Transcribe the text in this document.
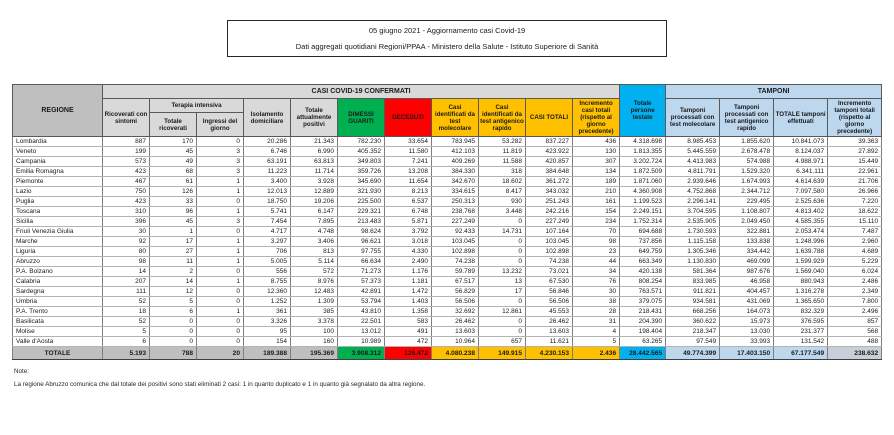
05 giugno 2021 - Aggiornamento casi Covid-19
Dati aggregati quotidiani Regioni/PPAA - Ministero della Salute - Istituto Superiore di Sanità
REGIONE	CASI COVID-19 CONFERMATI											Totale persone testate	TAMPONI			
	Ricoverati con sintomi	Terapia intensiva		Isolamento domiciliare	Totale attualmente positivi	DIMESSI GUARITI	DECEDUTI	Casi identificati da test molecolare	Casi identificati da test antigenico rapido	CASI TOTALI	Incremento casi totali (rispetto al giorno precedente)		Tamponi processati con test molecolare	Tamponi processati con test antigenico rapido	TOTALE tamponi effettuati	Incremento tamponi totali (rispetto al giorno precedente)
		Totale ricoverati	Ingressi del giorno													
Lombardia	887	170	0	20.286	21.343	782.230	33.654	783.945	53.282	837.227	436	4.318.698	8.985.453	1.855.620	10.841.073	39.363
Veneto	199	45	3	6.746	6.990	405.352	11.580	412.103	11.819	423.922	130	1.813.355	5.445.559	2.678.478	8.124.037	27.892
Campania	573	49	3	63.191	63.813	349.803	7.241	409.269	11.588	420.857	307	3.202.724	4.413.983	574.988	4.988.971	15.449
Emilia Romagna	423	68	3	11.223	11.714	359.726	13.208	384.330	318	384.648	134	1.872.509	4.811.791	1.529.320	6.341.111	22.961
Piemonte	467	61	1	3.400	3.928	345.690	11.654	342.670	18.602	361.272	189	1.871.060	2.939.646	1.674.993	4.614.639	21.706
Lazio	750	126	1	12.013	12.889	321.930	8.213	334.615	8.417	343.032	210	4.360.908	4.752.868	2.344.712	7.097.580	26.966
Puglia	423	33	0	18.750	19.206	225.500	6.537	250.313	930	251.243	161	1.199.523	2.296.141	229.495	2.525.636	7.220
Toscana	310	96	1	5.741	6.147	229.321	6.748	238.768	3.448	242.216	154	2.249.151	3.704.595	1.108.807	4.813.402	18.622
Sicilia	396	45	3	7.454	7.895	213.483	5.871	227.249	0	227.249	234	1.752.314	2.535.905	2.049.450	4.585.355	15.110
Friuli Venezia Giulia	30	1	0	4.717	4.748	98.624	3.792	92.433	14.731	107.164	70	694.688	1.730.593	322.881	2.053.474	7.487
Marche	92	17	1	3.297	3.406	96.621	3.018	103.045	0	103.045	98	737.856	1.115.158	133.838	1.248.996	2.960
Liguria	80	27	1	706	813	97.755	4.330	102.898	0	102.898	23	649.759	1.305.346	334.442	1.639.788	4.689
Abruzzo	98	11	1	5.005	5.114	66.634	2.490	74.238	0	74.238	44	663.349	1.130.830	469.099	1.599.929	5.229
P.A. Bolzano	14	2	0	556	572	71.273	1.176	59.789	13.232	73.021	34	420.138	581.364	987.676	1.569.040	6.024
Calabria	207	14	1	8.755	8.976	57.373	1.181	67.517	13	67.530	76	808.254	833.985	46.958	880.943	2.486
Sardegna	111	12	0	12.360	12.483	42.891	1.472	56.829	17	56.846	30	763.571	911.821	404.457	1.316.278	2.349
Umbria	52	5	0	1.252	1.309	53.794	1.403	56.506	0	56.506	38	379.075	934.581	431.069	1.365.650	7.800
P.A. Trento	18	6	1	361	385	43.810	1.358	32.692	12.861	45.553	28	218.431	668.256	164.073	832.329	2.496
Basilicata	52	0	0	3.326	3.378	22.501	583	26.462	0	26.462	31	204.390	360.622	15.973	376.595	857
Molise	5	0	0	95	100	13.012	491	13.603	0	13.603	4	198.404	218.347	13.030	231.377	568
Valle d'Aosta	6	0	0	154	160	10.989	472	10.964	657	11.621	5	63.265	97.549	33.993	131.542	488
TOTALE	5.193	788	20	189.388	195.369	3.908.312	126.472	4.080.238	149.915	4.230.153	2.436	28.442.565	49.774.399	17.403.150	67.177.549	238.632
Note:
La regione Abruzzo comunica che dal totale dei positivi sono stati eliminati 2 casi: 1 in quanto duplicato e 1 in quanto già segnalato da altra regione.
